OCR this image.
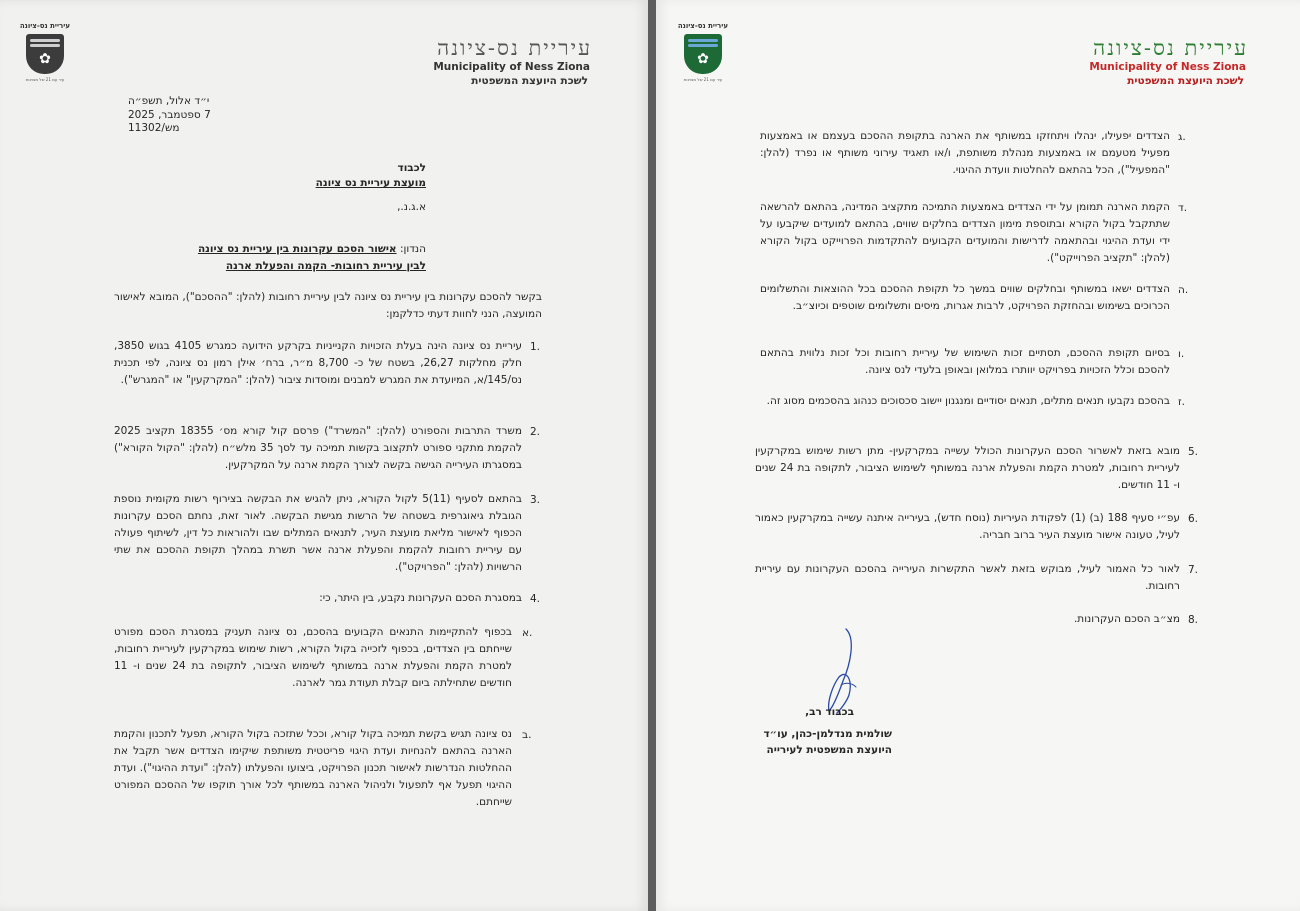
עיריית נס-ציונה
✿
עיר עם 21 של מצוינות
עיריית נס-ציונה
Municipality of Ness Ziona
לשכת היועצת המשפטית
י״ד אלול, תשפ״ה
7 ספטמבר, 2025
מש/11302
לכבוד
מועצת עיריית נס ציונה
א.ג.נ.,
הנדון: אישור הסכם עקרונות בין עיריית נס ציונה
לבין עיריית רחובות- הקמה והפעלת ארנה
בקשר להסכם עקרונות בין עיריית נס ציונה לבין עיריית רחובות (להלן: "ההסכם"), המובא לאישור המועצה, הנני לחוות דעתי כדלקמן:
1.
עיריית נס ציונה הינה בעלת הזכויות הקנייניות בקרקע הידועה כמגרש 4105 בגוש 3850, חלק מחלקות 26,27, בשטח של כ- 8,700 מ״ר, ברח׳ אילן רמון נס ציונה, לפי תכנית נס/145/א, המיועדת את המגרש למבנים ומוסדות ציבור (להלן: "המקרקעין" או "המגרש").
2.
משרד התרבות והספורט (להלן: "המשרד") פרסם קול קורא מס׳ 18355 תקציב 2025 להקמת מתקני ספורט לתקצוב בקשות תמיכה עד לסך 35 מלש״ח (להלן: "הקול הקורא") במסגרתו העירייה הגישה בקשה לצורך הקמת ארנה על המקרקעין.
3.
בהתאם לסעיף (11)5 לקול הקורא, ניתן להגיש את הבקשה בצירוף רשות מקומית נוספת הגובלת גיאוגרפית בשטחה של הרשות מגישת הבקשה. לאור זאת, נחתם הסכם עקרונות הכפוף לאישור מליאת מועצת העיר, לתנאים המתלים שבו ולהוראות כל דין, לשיתוף פעולה עם עיריית רחובות להקמת והפעלת ארנה אשר תשרת במהלך תקופת ההסכם את שתי הרשויות (להלן: "הפרויקט").
4.
במסגרת הסכם העקרונות נקבע, בין היתר, כי:
א.
בכפוף להתקיימות התנאים הקבועים בהסכם, נס ציונה תעניק במסגרת הסכם מפורט שייחתם בין הצדדים, בכפוף לזכייה בקול הקורא, רשות שימוש במקרקעין לעיריית רחובות, למטרת הקמת והפעלת ארנה במשותף לשימוש הציבור, לתקופה בת 24 שנים ו- 11 חודשים שתחילתה ביום קבלת תעודת גמר לארנה.
ב.
נס ציונה תגיש בקשת תמיכה בקול קורא, וככל שתזכה בקול הקורא, תפעל לתכנון והקמת הארנה בהתאם להנחיות ועדת היגוי פריטטית משותפת שיקימו הצדדים אשר תקבל את ההחלטות הנדרשות לאישור תכנון הפרויקט, ביצועו והפעלתו (להלן: "ועדת ההיגוי"). ועדת ההיגוי תפעל אף לתפעול ולניהול הארנה במשותף לכל אורך תוקפו של ההסכם המפורט שייחתם.
עיריית נס-ציונה
✿
עיר עם 21 של מצוינות
עיריית נס-ציונה
Municipality of Ness Ziona
לשכת היועצת המשפטית
ג.
הצדדים יפעילו, ינהלו ויתחזקו במשותף את הארנה בתקופת ההסכם בעצמם או באמצעות מפעיל מטעמם או באמצעות מנהלת משותפת, ו/או תאגיד עירוני משותף או נפרד (להלן: "המפעיל"), הכל בהתאם להחלטות וועדת ההיגוי.
ד.
הקמת הארנה תמומן על ידי הצדדים באמצעות התמיכה מתקציב המדינה, בהתאם להרשאה שתתקבל בקול הקורא ובתוספת מימון הצדדים בחלקים שווים, בהתאם למועדים שיקבעו על ידי ועדת ההיגוי ובהתאמה לדרישות והמועדים הקבועים להתקדמות הפרוייקט בקול הקורא (להלן: "תקציב הפרוייקט").
ה.
הצדדים ישאו במשותף ובחלקים שווים במשך כל תקופת ההסכם בכל ההוצאות והתשלומים הכרוכים בשימוש ובהחזקת הפרויקט, לרבות אגרות, מיסים ותשלומים שוטפים וכיוצ״ב.
ו.
בסיום תקופת ההסכם, תסתיים זכות השימוש של עיריית רחובות וכל זכות נלווית בהתאם להסכם וכלל הזכויות בפרויקט יוותרו במלואן ובאופן בלעדי לנס ציונה.
ז.
בהסכם נקבעו תנאים מתלים, תנאים יסודיים ומנגנון יישוב סכסוכים כנהוג בהסכמים מסוג זה.
5.
מובא בזאת לאשרור הסכם העקרונות הכולל עשייה במקרקעין- מתן רשות שימוש במקרקעין לעיריית רחובות, למטרת הקמת והפעלת ארנה במשותף לשימוש הציבור, לתקופה בת 24 שנים ו- 11 חודשים.
6.
עפ״י סעיף 188 (ב) (1) לפקודת העיריות (נוסח חדש), בעירייה איתנה עשייה במקרקעין כאמור לעיל, טעונה אישור מועצת העיר ברוב חבריה.
7.
לאור כל האמור לעיל, מבוקש בזאת לאשר התקשרות העירייה בהסכם העקרונות עם עיריית רחובות.
8.
מצ״ב הסכם העקרונות.
בכבוד רב,
שולמית מנדלמן-כהן, עו״ד
היועצת המשפטית לעירייה
